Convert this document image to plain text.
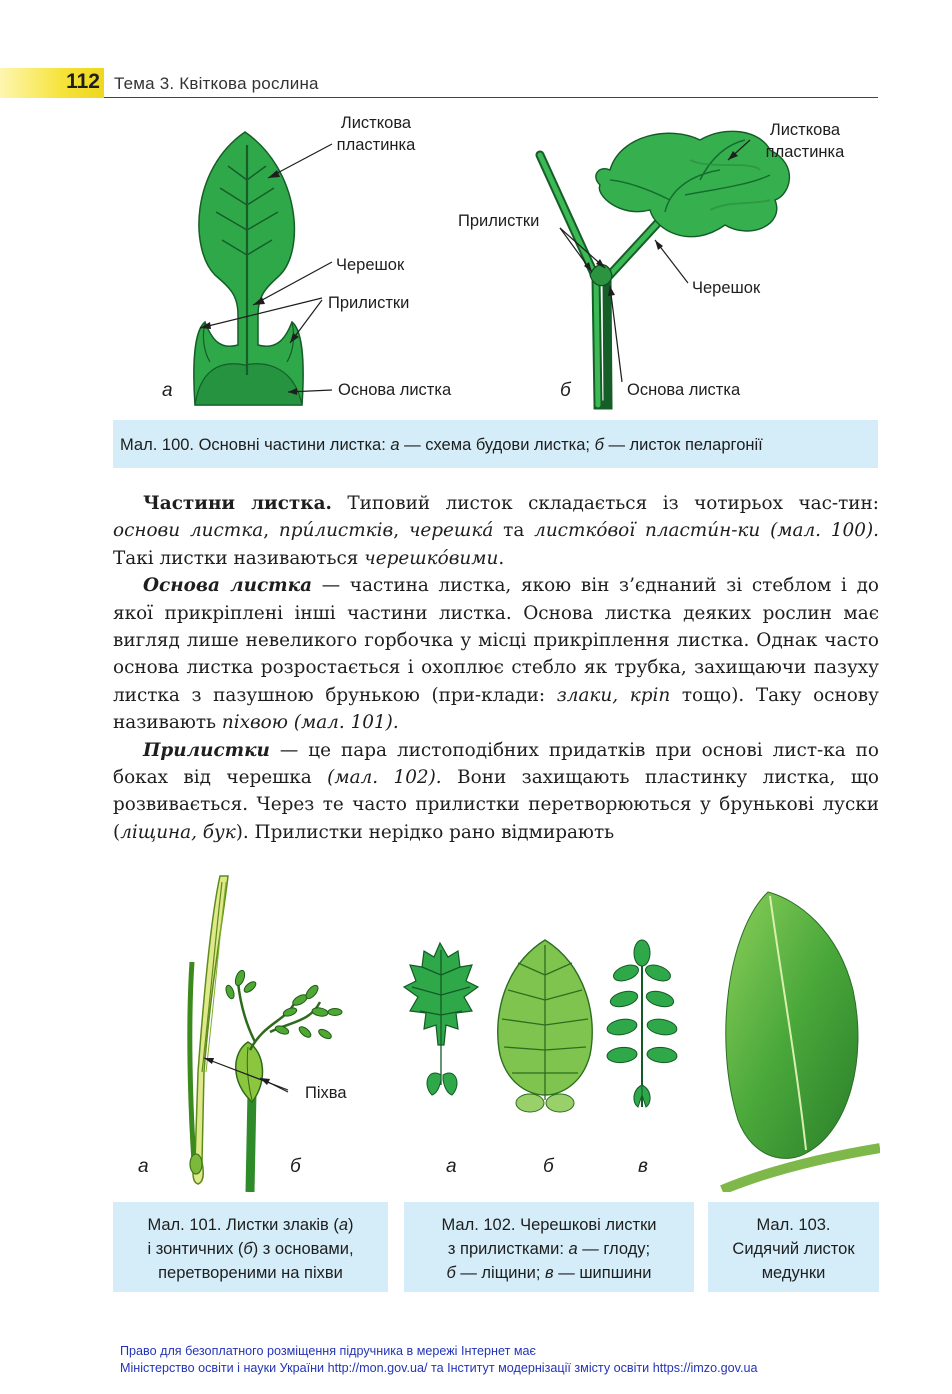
112 Тема 3. Квіткова рослина
Листкова
пластинка
Черешок
Прилистки
Основа листка
а
Листкова
пластинка
Прилистки
Черешок
Основа листка
б
Мал. 100. Основні частини листка: а — схема будови листка; б — листок пеларгонії

Частини листка. Типовий листок складається із чотирьох час-тин: основи листка, прúлистків, черешкá та листкóвої пластúн-ки (мал. 100). Такі листки називаються черешкóвими.

Основа листка — частина листка, якою він з’єднаний зі стеблом і до якої прикріплені інші частини листка. Основа листка деяких рослин має вигляд лише невеликого горбочка у місці прикріплення листка. Однак часто основа листка розростається і охоплює стебло як трубка, захищаючи пазуху листка з пазушною брунькою (при-клади: злаки, кріп тощо). Таку основу називають піхвою (мал. 101).

Прилистки — це пара листоподібних придатків при основі лист-ка по боках від черешка (мал. 102). Вони захищають пластинку листка, що розвивається. Через те часто прилистки перетворюються у брунькові луски (ліщина, бук). Прилистки нерідко рано відмирають

Піхва
а	б
Мал. 101. Листки злаків (а)
і зонтичних (б) з основами,
перетвореними на піхви
а	б	в
Мал. 102. Черешкові листки
з прилистками: а — глоду;
б — ліщини; в — шипшини
Мал. 103.
Сидячий листок
медунки
Право для безоплатного розміщення підручника в мережі Інтернет має
Міністерство освіти і науки України http://mon.gov.ua/ та Інститут модернізації змісту освіти https://imzo.gov.ua
